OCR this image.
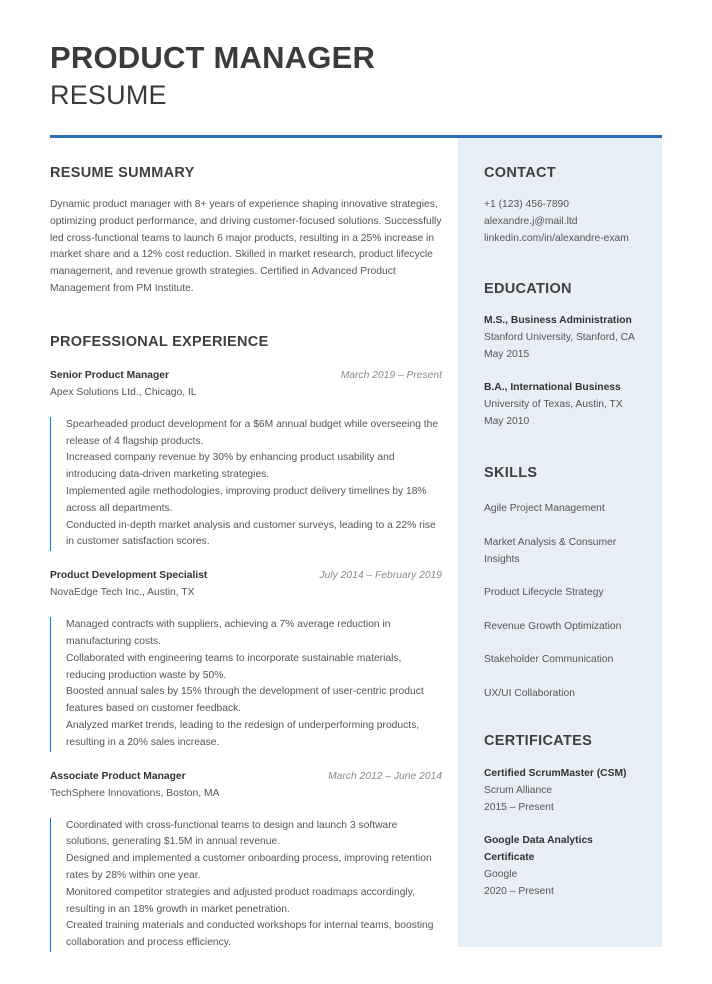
PRODUCT MANAGER
RESUME
RESUME SUMMARY

Dynamic product manager with 8+ years of experience shaping innovative strategies, optimizing product performance, and driving customer-focused solutions. Successfully led cross-functional teams to launch 6 major products, resulting in a 25% increase in market share and a 12% cost reduction. Skilled in market research, product lifecycle management, and revenue growth strategies. Certified in Advanced Product Management from PM Institute.

PROFESSIONAL EXPERIENCE
Senior Product Manager	March 2019 – Present
Apex Solutions Ltd., Chicago, IL
Spearheaded product development for a $6M annual budget while overseeing the release of 4 flagship products.
Increased company revenue by 30% by enhancing product usability and introducing data-driven marketing strategies.
Implemented agile methodologies, improving product delivery timelines by 18% across all departments.
Conducted in-depth market analysis and customer surveys, leading to a 22% rise in customer satisfaction scores.
Product Development Specialist	July 2014 – February 2019
NovaEdge Tech Inc., Austin, TX
Managed contracts with suppliers, achieving a 7% average reduction in manufacturing costs.
Collaborated with engineering teams to incorporate sustainable materials, reducing production waste by 50%.
Boosted annual sales by 15% through the development of user-centric product features based on customer feedback.
Analyzed market trends, leading to the redesign of underperforming products, resulting in a 20% sales increase.
Associate Product Manager	March 2012 – June 2014
TechSphere Innovations, Boston, MA
Coordinated with cross-functional teams to design and launch 3 software solutions, generating $1.5M in annual revenue.
Designed and implemented a customer onboarding process, improving retention rates by 28% within one year.
Monitored competitor strategies and adjusted product roadmaps accordingly, resulting in an 18% growth in market penetration.
Created training materials and conducted workshops for internal teams, boosting collaboration and process efficiency.
CONTACT
+1 (123) 456-7890
alexandre.j@mail.ltd
linkedin.com/in/alexandre-exam
EDUCATION
M.S., Business Administration
Stanford University, Stanford, CA
May 2015
B.A., International Business
University of Texas, Austin, TX
May 2010
SKILLS
Agile Project Management
Market Analysis & Consumer Insights
Product Lifecycle Strategy
Revenue Growth Optimization
Stakeholder Communication
UX/UI Collaboration
CERTIFICATES
Certified ScrumMaster (CSM)
Scrum Alliance
2015 – Present
Google Data Analytics Certificate
Google
2020 – Present
